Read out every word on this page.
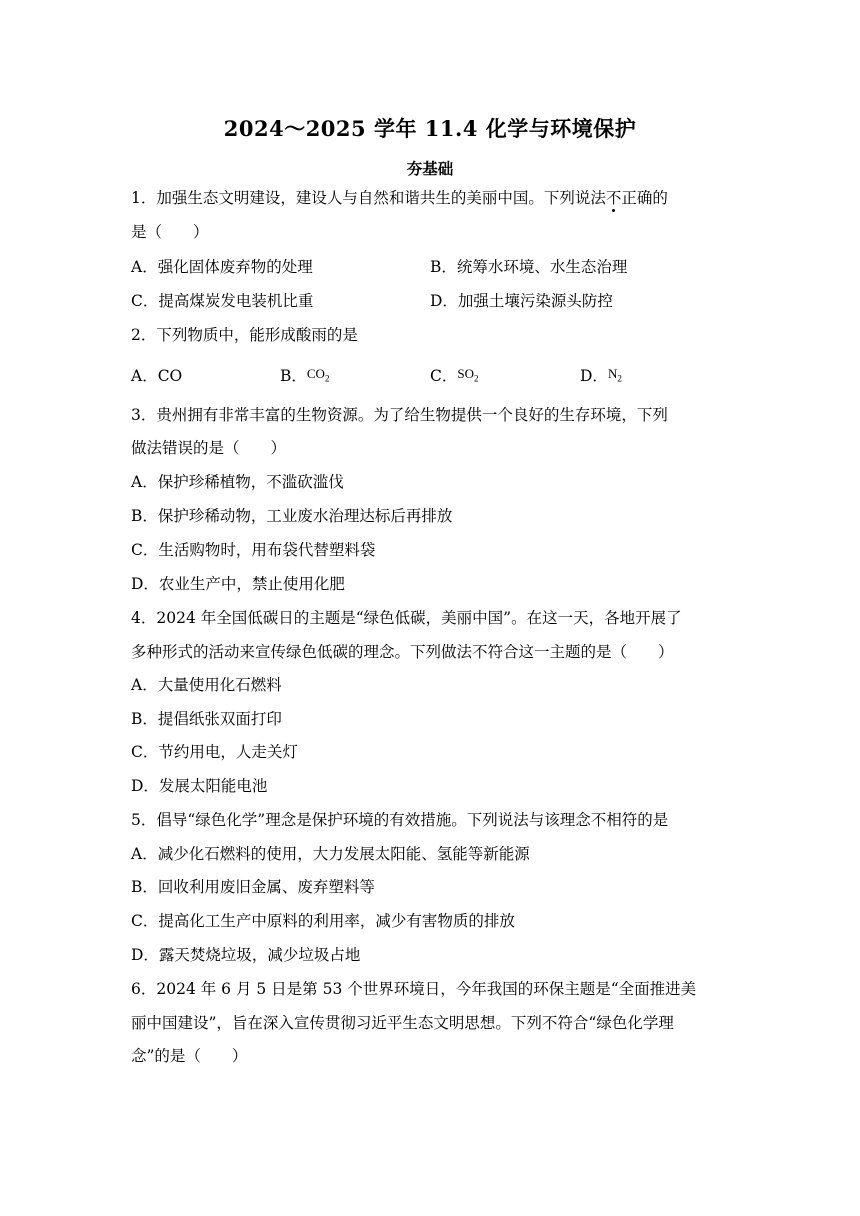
2024～2025 学年 11.4 化学与环境保护
夯基础
1．加强生态文明建设，建设人与自然和谐共生的美丽中国。下列说法不正确的
是（　　）
A．强化固体废弃物的处理	B．统筹水环境、水生态治理
C．提高煤炭发电装机比重	D．加强土壤污染源头防控
2．下列物质中，能形成酸雨的是
A．CO	B．$CO_2$	C．$SO_2$	D．$N_2$
3．贵州拥有非常丰富的生物资源。为了给生物提供一个良好的生存环境，下列
做法错误的是（　　）
A．保护珍稀植物，不滥砍滥伐
B．保护珍稀动物，工业废水治理达标后再排放
C．生活购物时，用布袋代替塑料袋
D．农业生产中，禁止使用化肥
4．2024 年全国低碳日的主题是“绿色低碳，美丽中国”。在这一天，各地开展了
多种形式的活动来宣传绿色低碳的理念。下列做法不符合这一主题的是（　　）
A．大量使用化石燃料
B．提倡纸张双面打印
C．节约用电，人走关灯
D．发展太阳能电池
5．倡导“绿色化学”理念是保护环境的有效措施。下列说法与该理念不相符的是
A．减少化石燃料的使用，大力发展太阳能、氢能等新能源
B．回收利用废旧金属、废弃塑料等
C．提高化工生产中原料的利用率，减少有害物质的排放
D．露天焚烧垃圾，减少垃圾占地
6．2024 年 6 月 5 日是第 53 个世界环境日，今年我国的环保主题是“全面推进美
丽中国建设”，旨在深入宣传贯彻习近平生态文明思想。下列不符合“绿色化学理
念”的是（　　）
